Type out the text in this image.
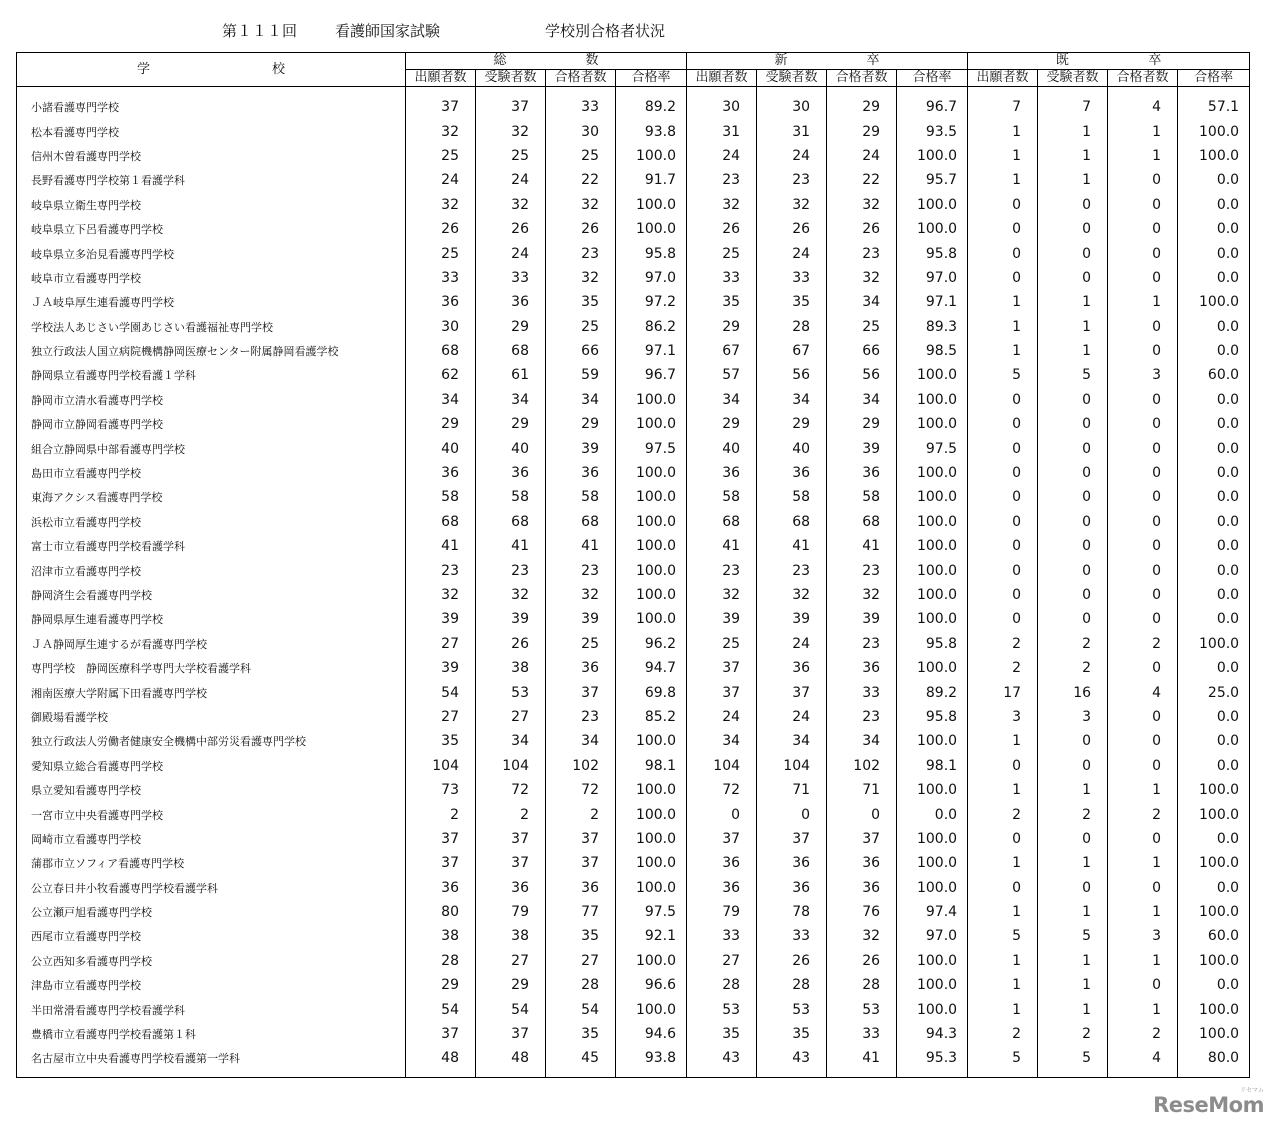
第１１１回	看護師国家試験	学校別合格者状況
学 校	総 数				新 卒				既 卒			

	出願者数	受験者数	合格者数	合格率	出願者数	受験者数	合格者数	合格率	出願者数	受験者数	合格者数	合格率

小諸看護専門学校	37	37	33	89.2	30	30	29	96.7	7	7	4	57.1
松本看護専門学校	32	32	30	93.8	31	31	29	93.5	1	1	1	100.0
信州木曽看護専門学校	25	25	25	100.0	24	24	24	100.0	1	1	1	100.0
長野看護専門学校第１看護学科	24	24	22	91.7	23	23	22	95.7	1	1	0	0.0
岐阜県立衛生専門学校	32	32	32	100.0	32	32	32	100.0	0	0	0	0.0
岐阜県立下呂看護専門学校	26	26	26	100.0	26	26	26	100.0	0	0	0	0.0
岐阜県立多治見看護専門学校	25	24	23	95.8	25	24	23	95.8	0	0	0	0.0
岐阜市立看護専門学校	33	33	32	97.0	33	33	32	97.0	0	0	0	0.0
ＪＡ岐阜厚生連看護専門学校	36	36	35	97.2	35	35	34	97.1	1	1	1	100.0
学校法人あじさい学園あじさい看護福祉専門学校	30	29	25	86.2	29	28	25	89.3	1	1	0	0.0
独立行政法人国立病院機構静岡医療センター附属静岡看護学校	68	68	66	97.1	67	67	66	98.5	1	1	0	0.0
静岡県立看護専門学校看護１学科	62	61	59	96.7	57	56	56	100.0	5	5	3	60.0
静岡市立清水看護専門学校	34	34	34	100.0	34	34	34	100.0	0	0	0	0.0
静岡市立静岡看護専門学校	29	29	29	100.0	29	29	29	100.0	0	0	0	0.0
組合立静岡県中部看護専門学校	40	40	39	97.5	40	40	39	97.5	0	0	0	0.0
島田市立看護専門学校	36	36	36	100.0	36	36	36	100.0	0	0	0	0.0
東海アクシス看護専門学校	58	58	58	100.0	58	58	58	100.0	0	0	0	0.0
浜松市立看護専門学校	68	68	68	100.0	68	68	68	100.0	0	0	0	0.0
富士市立看護専門学校看護学科	41	41	41	100.0	41	41	41	100.0	0	0	0	0.0
沼津市立看護専門学校	23	23	23	100.0	23	23	23	100.0	0	0	0	0.0
静岡済生会看護専門学校	32	32	32	100.0	32	32	32	100.0	0	0	0	0.0
静岡県厚生連看護専門学校	39	39	39	100.0	39	39	39	100.0	0	0	0	0.0
ＪＡ静岡厚生連するが看護専門学校	27	26	25	96.2	25	24	23	95.8	2	2	2	100.0
専門学校　静岡医療科学専門大学校看護学科	39	38	36	94.7	37	36	36	100.0	2	2	0	0.0
湘南医療大学附属下田看護専門学校	54	53	37	69.8	37	37	33	89.2	17	16	4	25.0
御殿場看護学校	27	27	23	85.2	24	24	23	95.8	3	3	0	0.0
独立行政法人労働者健康安全機構中部労災看護専門学校	35	34	34	100.0	34	34	34	100.0	1	0	0	0.0
愛知県立総合看護専門学校	104	104	102	98.1	104	104	102	98.1	0	0	0	0.0
県立愛知看護専門学校	73	72	72	100.0	72	71	71	100.0	1	1	1	100.0
一宮市立中央看護専門学校	2	2	2	100.0	0	0	0	0.0	2	2	2	100.0
岡崎市立看護専門学校	37	37	37	100.0	37	37	37	100.0	0	0	0	0.0
蒲郡市立ソフィア看護専門学校	37	37	37	100.0	36	36	36	100.0	1	1	1	100.0
公立春日井小牧看護専門学校看護学科	36	36	36	100.0	36	36	36	100.0	0	0	0	0.0
公立瀬戸旭看護専門学校	80	79	77	97.5	79	78	76	97.4	1	1	1	100.0
西尾市立看護専門学校	38	38	35	92.1	33	33	32	97.0	5	5	3	60.0
公立西知多看護専門学校	28	27	27	100.0	27	26	26	100.0	1	1	1	100.0
津島市立看護専門学校	29	29	28	96.6	28	28	28	100.0	1	1	0	0.0
半田常滑看護専門学校看護学科	54	54	54	100.0	53	53	53	100.0	1	1	1	100.0
豊橋市立看護専門学校看護第１科	37	37	35	94.6	35	35	33	94.3	2	2	2	100.0
名古屋市立中央看護専門学校看護第一学科	48	48	45	93.8	43	43	41	95.3	5	5	4	80.0

ReseMom
リセマム
